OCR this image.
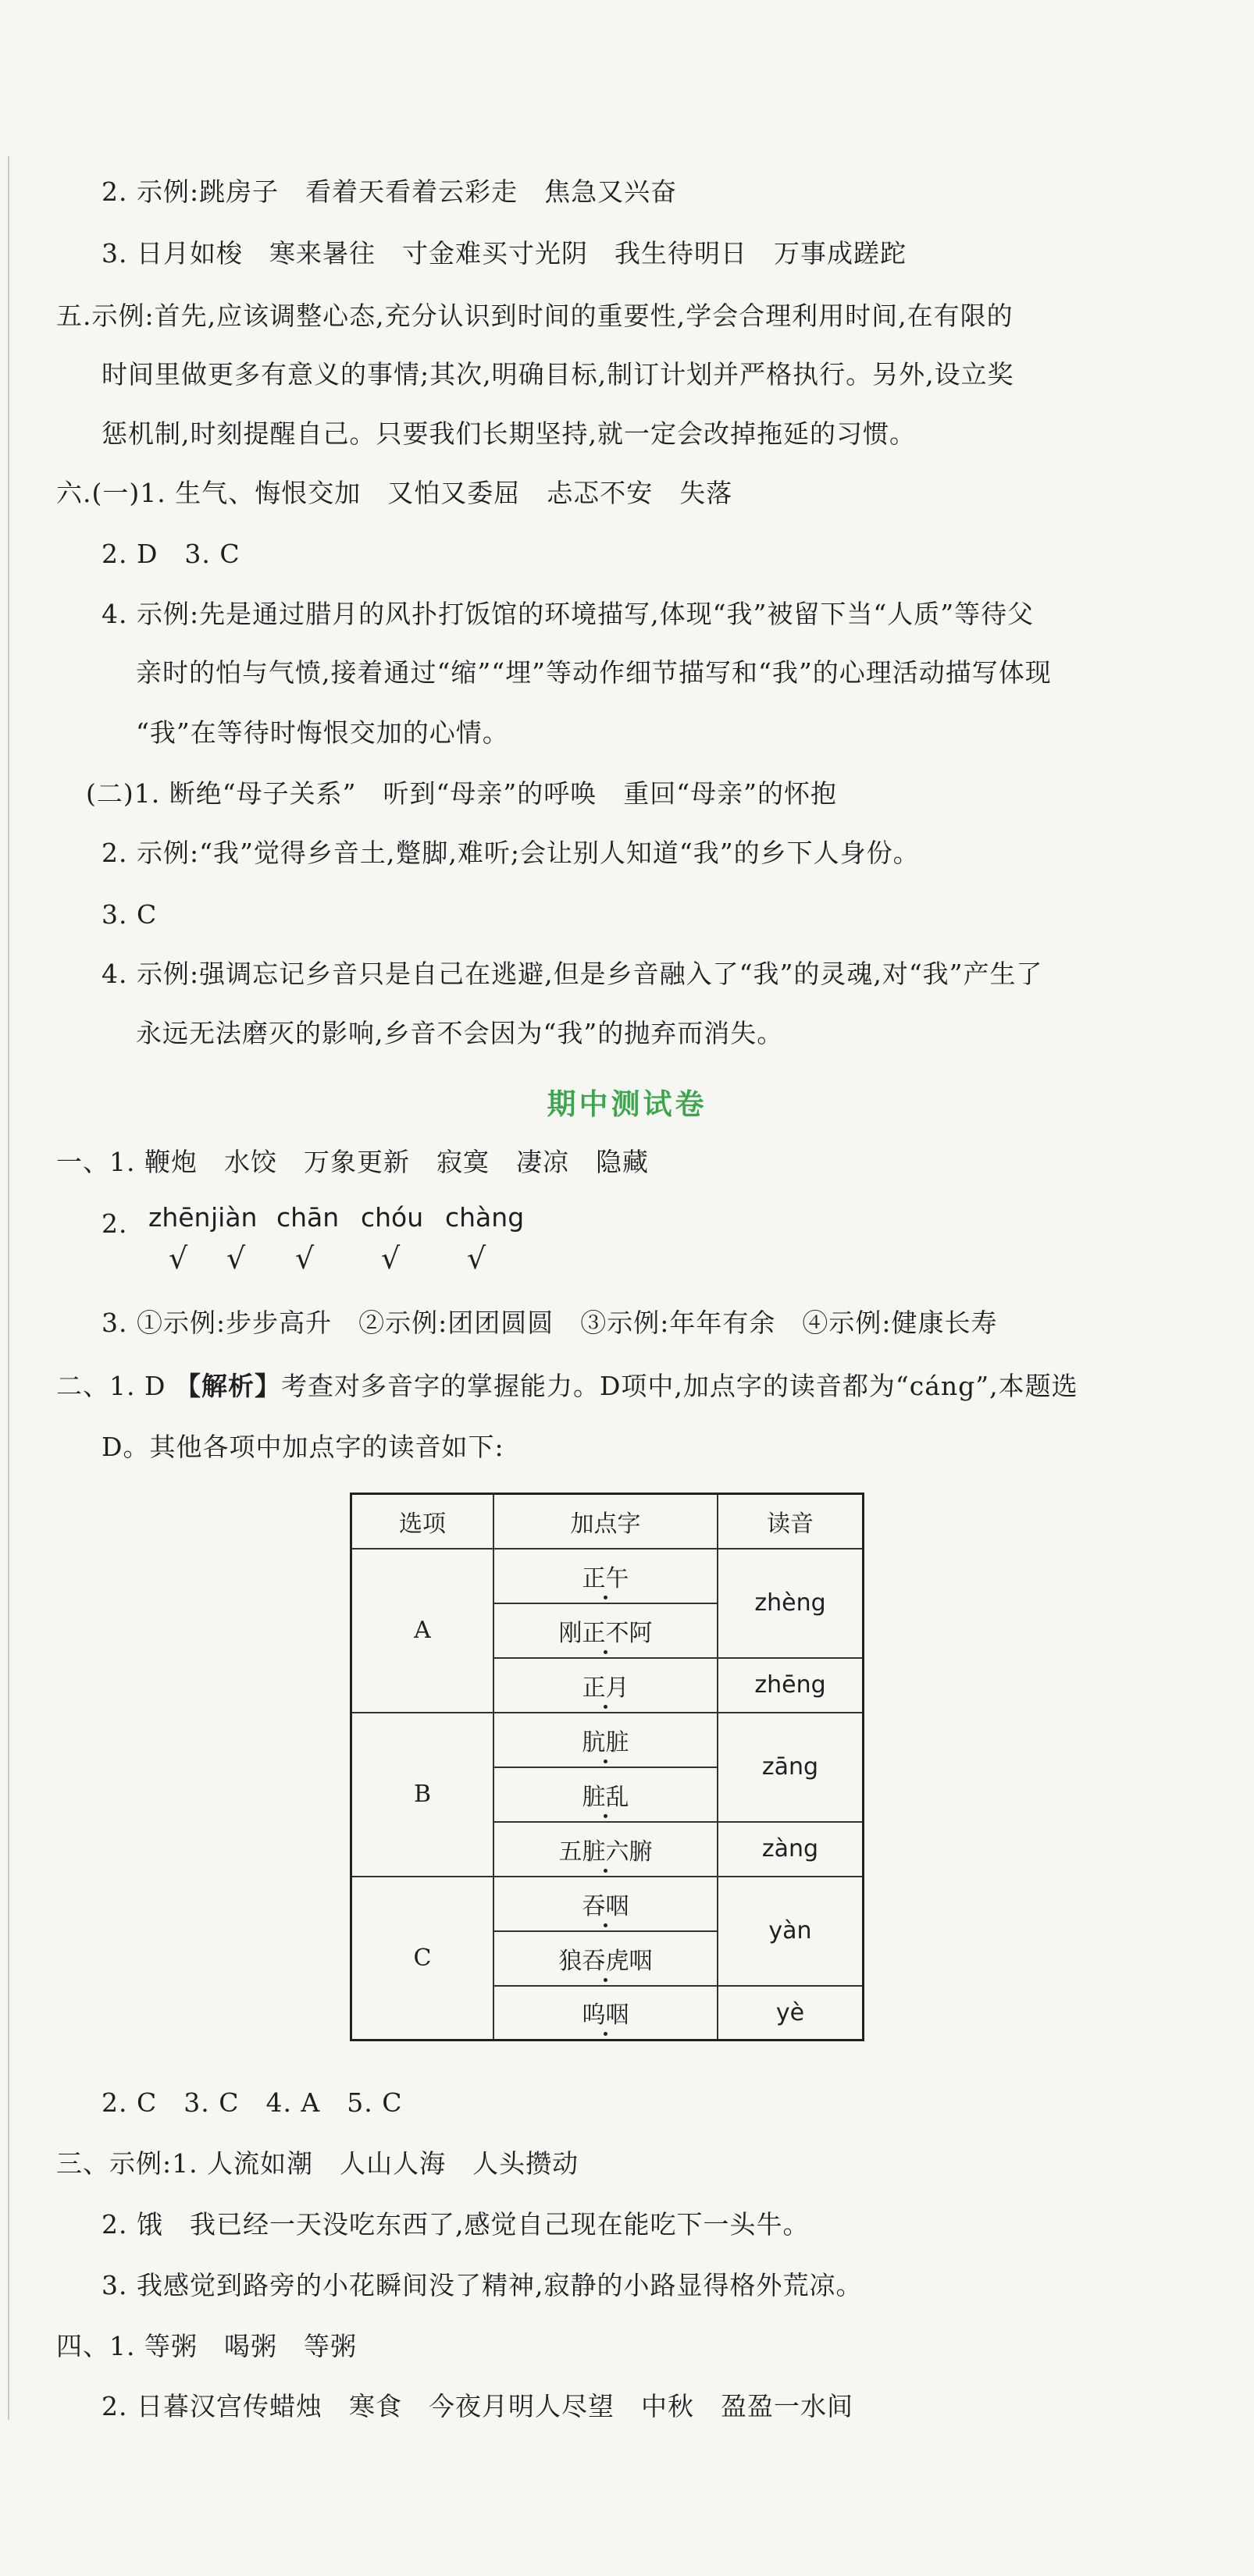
2. 示例:跳房子　看着天看着云彩走　焦急又兴奋
3. 日月如梭　寒来暑往　寸金难买寸光阴　我生待明日　万事成蹉跎
五.示例:首先,应该调整心态,充分认识到时间的重要性,学会合理利用时间,在有限的
时间里做更多有意义的事情;其次,明确目标,制订计划并严格执行。另外,设立奖
惩机制,时刻提醒自己。只要我们长期坚持,就一定会改掉拖延的习惯。
六.(一)1. 生气、悔恨交加　又怕又委屈　忐忑不安　失落
2. D　3. C
4. 示例:先是通过腊月的风扑打饭馆的环境描写,体现“我”被留下当“人质”等待父
亲时的怕与气愤,接着通过“缩”“埋”等动作细节描写和“我”的心理活动描写体现
“我”在等待时悔恨交加的心情。
(二)1. 断绝“母子关系”　听到“母亲”的呼唤　重回“母亲”的怀抱
2. 示例:“我”觉得乡音土,蹩脚,难听;会让别人知道“我”的乡下人身份。
3. C
4. 示例:强调忘记乡音只是自己在逃避,但是乡音融入了“我”的灵魂,对“我”产生了
永远无法磨灭的影响,乡音不会因为“我”的抛弃而消失。
期中测试卷
一、1. 鞭炮　水饺　万象更新　寂寞　凄凉　隐藏
2. zhēn jiàn chān chóu chàng
√ √ √ √ √
3. ①示例:步步高升　②示例:团团圆圆　③示例:年年有余　④示例:健康长寿
二、1. D 【解析】考查对多音字的掌握能力。D项中,加点字的读音都为“cáng”,本题选
D。其他各项中加点字的读音如下:
选项	加点字	读音
A	正午	zhèng
	刚正不阿	
	正月	zhēng
B	肮脏	zāng
	脏乱	
	五脏六腑	zàng
C	吞咽	yàn
	狼吞虎咽	
	呜咽	yè
2. C　3. C　4. A　5. C
三、示例:1. 人流如潮　人山人海　人头攒动
2. 饿　我已经一天没吃东西了,感觉自己现在能吃下一头牛。
3. 我感觉到路旁的小花瞬间没了精神,寂静的小路显得格外荒凉。
四、1. 等粥　喝粥　等粥
2. 日暮汉宫传蜡烛　寒食　今夜月明人尽望　中秋　盈盈一水间
